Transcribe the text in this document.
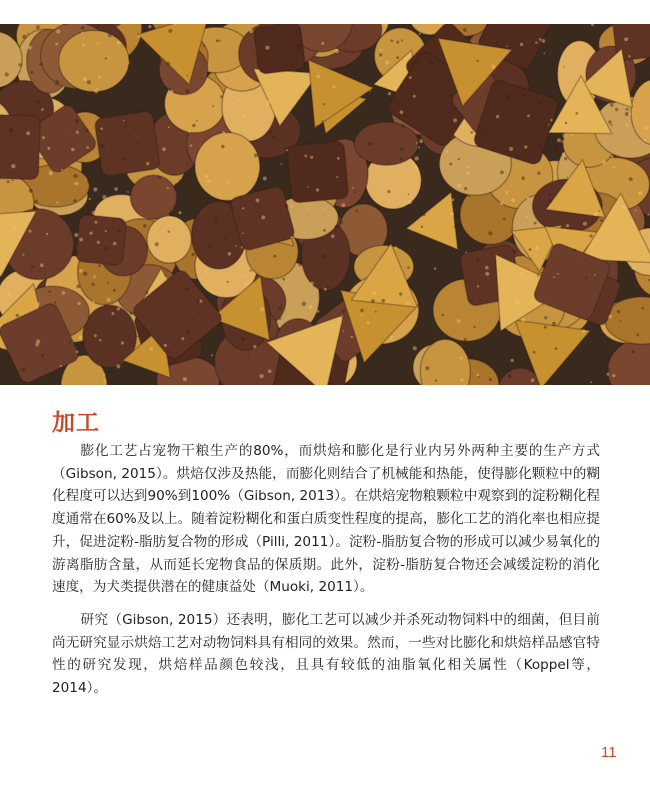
加工

膨化工艺占宠物干粮生产的80%，而烘焙和膨化是行业内另外两种主要的生产方式（Gibson, 2015）。烘焙仅涉及热能，而膨化则结合了机械能和热能，使得膨化颗粒中的糊化程度可以达到90%到100%（Gibson, 2013）。在烘焙宠物粮颗粒中观察到的淀粉糊化程度通常在60%及以上。随着淀粉糊化和蛋白质变性程度的提高，膨化工艺的消化率也相应提升，促进淀粉-脂肪复合物的形成（Pilli, 2011）。淀粉-脂肪复合物的形成可以减少易氧化的游离脂肪含量，从而延长宠物食品的保质期。此外，淀粉-脂肪复合物还会减缓淀粉的消化速度，为犬类提供潜在的健康益处（Muoki, 2011）。

研究（Gibson, 2015）还表明，膨化工艺可以减少并杀死动物饲料中的细菌，但目前尚无研究显示烘焙工艺对动物饲料具有相同的效果。然而，一些对比膨化和烘焙样品感官特性的研究发现，烘焙样品颜色较浅，且具有较低的油脂氧化相关属性（Koppel等，2014）。

11
